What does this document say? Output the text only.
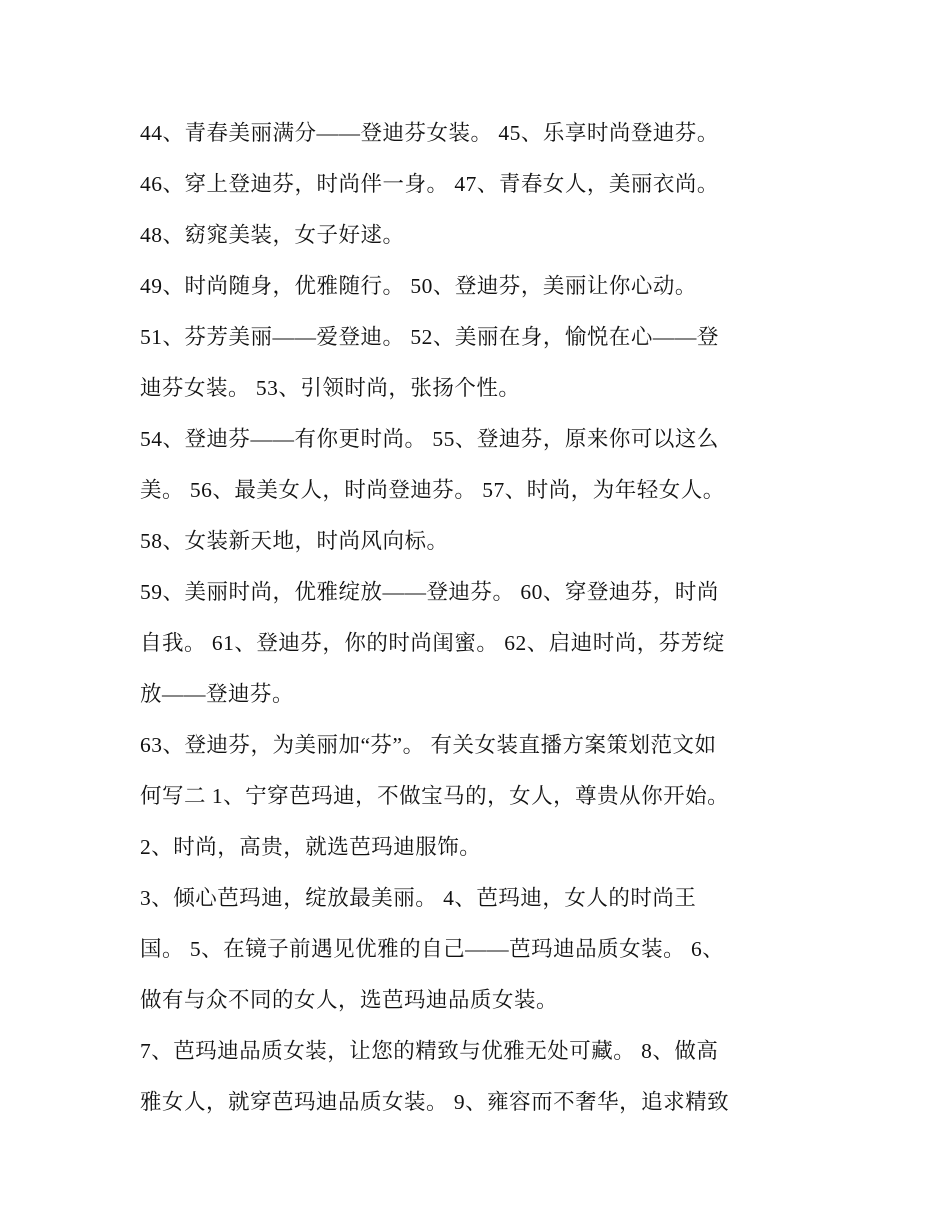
44、青春美丽满分——登迪芬女装。 45、乐享时尚登迪芬。
46、穿上登迪芬，时尚伴一身。 47、青春女人，美丽衣尚。
48、窈窕美装，女子好逑。
49、时尚随身，优雅随行。 50、登迪芬，美丽让你心动。
51、芬芳美丽——爱登迪。 52、美丽在身，愉悦在心——登
迪芬女装。 53、引领时尚，张扬个性。
54、登迪芬——有你更时尚。 55、登迪芬，原来你可以这么
美。 56、最美女人，时尚登迪芬。 57、时尚，为年轻女人。
58、女装新天地，时尚风向标。
59、美丽时尚，优雅绽放——登迪芬。 60、穿登迪芬，时尚
自我。 61、登迪芬，你的时尚闺蜜。 62、启迪时尚，芬芳绽
放——登迪芬。
63、登迪芬，为美丽加“芬”。 有关女装直播方案策划范文如
何写二 1、宁穿芭玛迪，不做宝马的，女人，尊贵从你开始。
2、时尚，高贵，就选芭玛迪服饰。
3、倾心芭玛迪，绽放最美丽。 4、芭玛迪，女人的时尚王
国。 5、在镜子前遇见优雅的自己——芭玛迪品质女装。 6、
做有与众不同的女人，选芭玛迪品质女装。
7、芭玛迪品质女装，让您的精致与优雅无处可藏。 8、做高
雅女人，就穿芭玛迪品质女装。 9、雍容而不奢华，追求精致
